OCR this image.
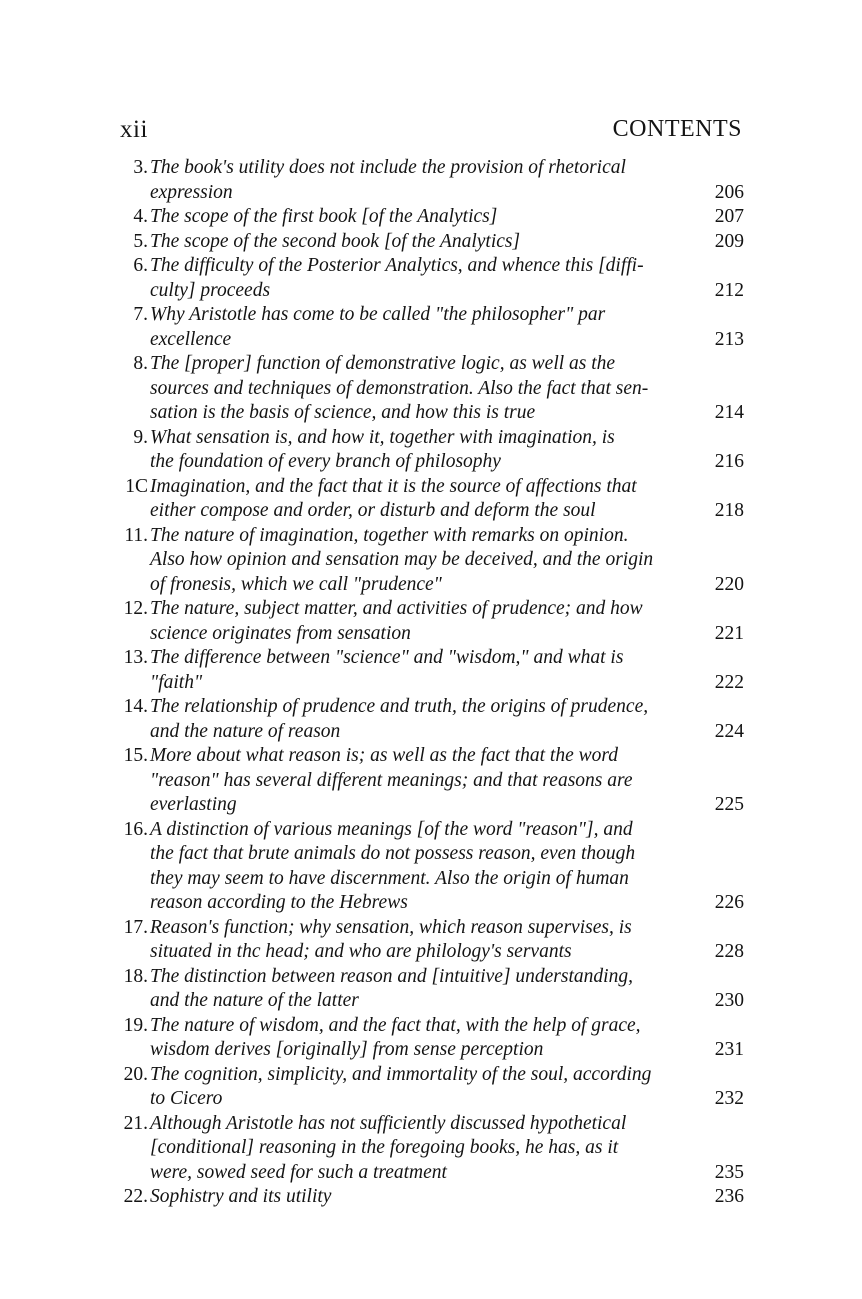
xii	CONTENTS
3. The book's utility does not include the provision of rhetorical
expression	206
4. The scope of the first book [of the Analytics]	207
5. The scope of the second book [of the Analytics]	209
6. The difficulty of the Posterior Analytics, and whence this [diffi-
culty] proceeds	212
7. Why Aristotle has come to be called "the philosopher" par
excellence	213
8. The [proper] function of demonstrative logic, as well as the
sources and techniques of demonstration. Also the fact that sen-
sation is the basis of science, and how this is true	214
9. What sensation is, and how it, together with imagination, is
the foundation of every branch of philosophy	216
1C Imagination, and the fact that it is the source of affections that
either compose and order, or disturb and deform the soul	218
11. The nature of imagination, together with remarks on opinion.
Also how opinion and sensation may be deceived, and the origin
of fronesis, which we call "prudence"	220
12. The nature, subject matter, and activities of prudence; and how
science originates from sensation	221
13. The difference between "science" and "wisdom," and what is
"faith"	222
14. The relationship of prudence and truth, the origins of prudence,
and the nature of reason	224
15. More about what reason is; as well as the fact that the word
"reason" has several different meanings; and that reasons are
everlasting	225
16. A distinction of various meanings [of the word "reason"], and
the fact that brute animals do not possess reason, even though
they may seem to have discernment. Also the origin of human
reason according to the Hebrews	226
17. Reason's function; why sensation, which reason supervises, is
situated in thc head; and who are philology's servants	228
18. The distinction between reason and [intuitive] understanding,
and the nature of the latter	230
19. The nature of wisdom, and the fact that, with the help of grace,
wisdom derives [originally] from sense perception	231
20. The cognition, simplicity, and immortality of the soul, according
to Cicero	232
21. Although Aristotle has not sufficiently discussed hypothetical
[conditional] reasoning in the foregoing books, he has, as it
were, sowed seed for such a treatment	235
22. Sophistry and its utility	236
